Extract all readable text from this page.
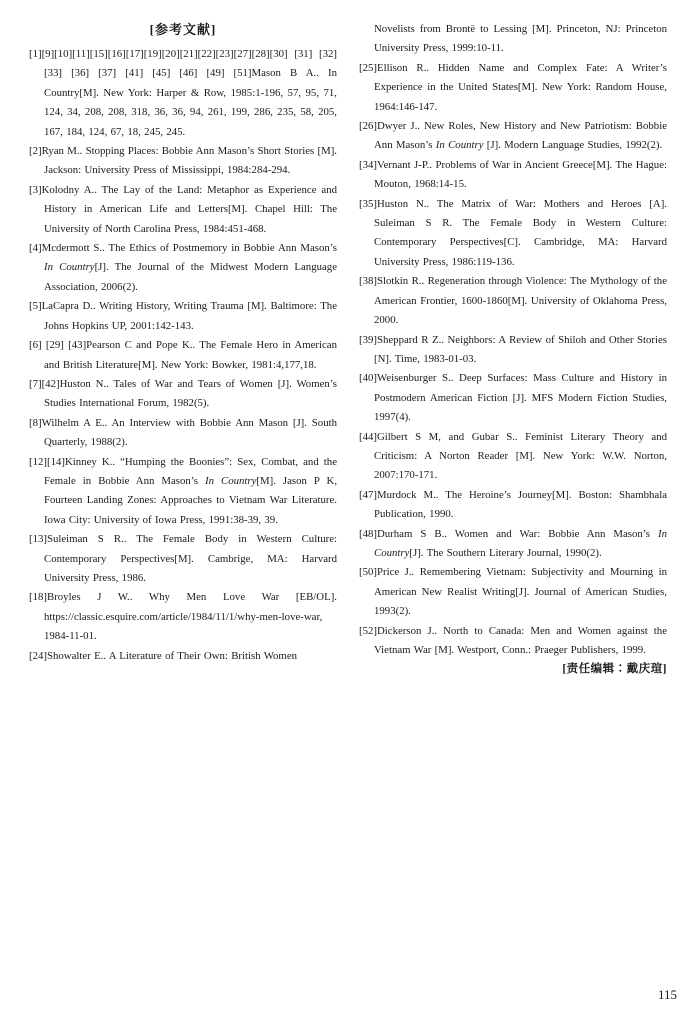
[参考文献]

[1][9][10][11][15][16][17][19][20][21][22][23][27][28][30] [31] [32] [33] [36] [37] [41] [45] [46] [49] [51]Mason B A.. In Country[M]. New York: Harper & Row, 1985:1-196, 57, 95, 71, 124, 34, 208, 208, 318, 36, 36, 94, 261, 199, 286, 235, 58, 205, 167, 184, 124, 67, 18, 245, 245.

[2]Ryan M.. Stopping Places: Bobbie Ann Mason’s Short Stories [M]. Jackson: University Press of Mississippi, 1984:284-294.

[3]Kolodny A.. The Lay of the Land: Metaphor as Experience and History in American Life and Letters[M]. Chapel Hill: The University of North Carolina Press, 1984:451-468.

[4]Mcdermott S.. The Ethics of Postmemory in Bobbie Ann Mason’s In Country[J]. The Journal of the Midwest Modern Language Association, 2006(2).

[5]LaCapra D.. Writing History, Writing Trauma [M]. Baltimore: The Johns Hopkins UP, 2001:142-143.

[6] [29] [43]Pearson C and Pope K.. The Female Hero in American and British Literature[M]. New York: Bowker, 1981:4,177,18.

[7][42]Huston N.. Tales of War and Tears of Women [J]. Women’s Studies International Forum, 1982(5).

[8]Wilhelm A E.. An Interview with Bobbie Ann Mason [J]. South Quarterly, 1988(2).

[12][14]Kinney K.. “Humping the Boonies”: Sex, Combat, and the Female in Bobbie Ann Mason’s In Country[M]. Jason P K, Fourteen Landing Zones: Approaches to Vietnam War Literature. Iowa City: University of Iowa Press, 1991:38-39, 39.

[13]Suleiman S R.. The Female Body in Western Culture: Contemporary Perspectives[M]. Cambrige, MA: Harvard University Press, 1986.

[18]Broyles J W.. Why Men Love War [EB/OL]. https://classic.esquire.com/article/1984/11/1/why-men-love-war, 1984-11-01.

[24]Showalter E.. A Literature of Their Own: British Women

Novelists from Brontë to Lessing [M]. Princeton, NJ: Princeton University Press, 1999:10-11.

[25]Ellison R.. Hidden Name and Complex Fate: A Writer’s Experience in the United States[M]. New York: Random House, 1964:146-147.

[26]Dwyer J.. New Roles, New History and New Patriotism: Bobbie Ann Mason’s In Country [J]. Modern Language Studies, 1992(2).

[34]Vernant J-P.. Problems of War in Ancient Greece[M]. The Hague: Mouton, 1968:14-15.

[35]Huston N.. The Matrix of War: Mothers and Heroes [A]. Suleiman S R. The Female Body in Western Culture: Contemporary Perspectives[C]. Cambridge, MA: Harvard University Press, 1986:119-136.

[38]Slotkin R.. Regeneration through Violence: The Mythology of the American Frontier, 1600-1860[M]. University of Oklahoma Press, 2000.

[39]Sheppard R Z.. Neighbors: A Review of Shiloh and Other Stories [N]. Time, 1983-01-03.

[40]Weisenburger S.. Deep Surfaces: Mass Culture and History in Postmodern American Fiction [J]. MFS Modern Fiction Studies, 1997(4).

[44]Gilbert S M, and Gubar S.. Feminist Literary Theory and Criticism: A Norton Reader [M]. New York: W.W. Norton, 2007:170-171.

[47]Murdock M.. The Heroine’s Journey[M]. Boston: Shambhala Publication, 1990.

[48]Durham S B.. Women and War: Bobbie Ann Mason’s In Country[J]. The Southern Literary Journal, 1990(2).

[50]Price J.. Remembering Vietnam: Subjectivity and Mourning in American New Realist Writing[J]. Journal of American Studies, 1993(2).

[52]Dickerson J.. North to Canada: Men and Women against the Vietnam War [M]. Westport, Conn.: Praeger Publishers, 1999.

[责任编辑∶戴庆瑄]

115
